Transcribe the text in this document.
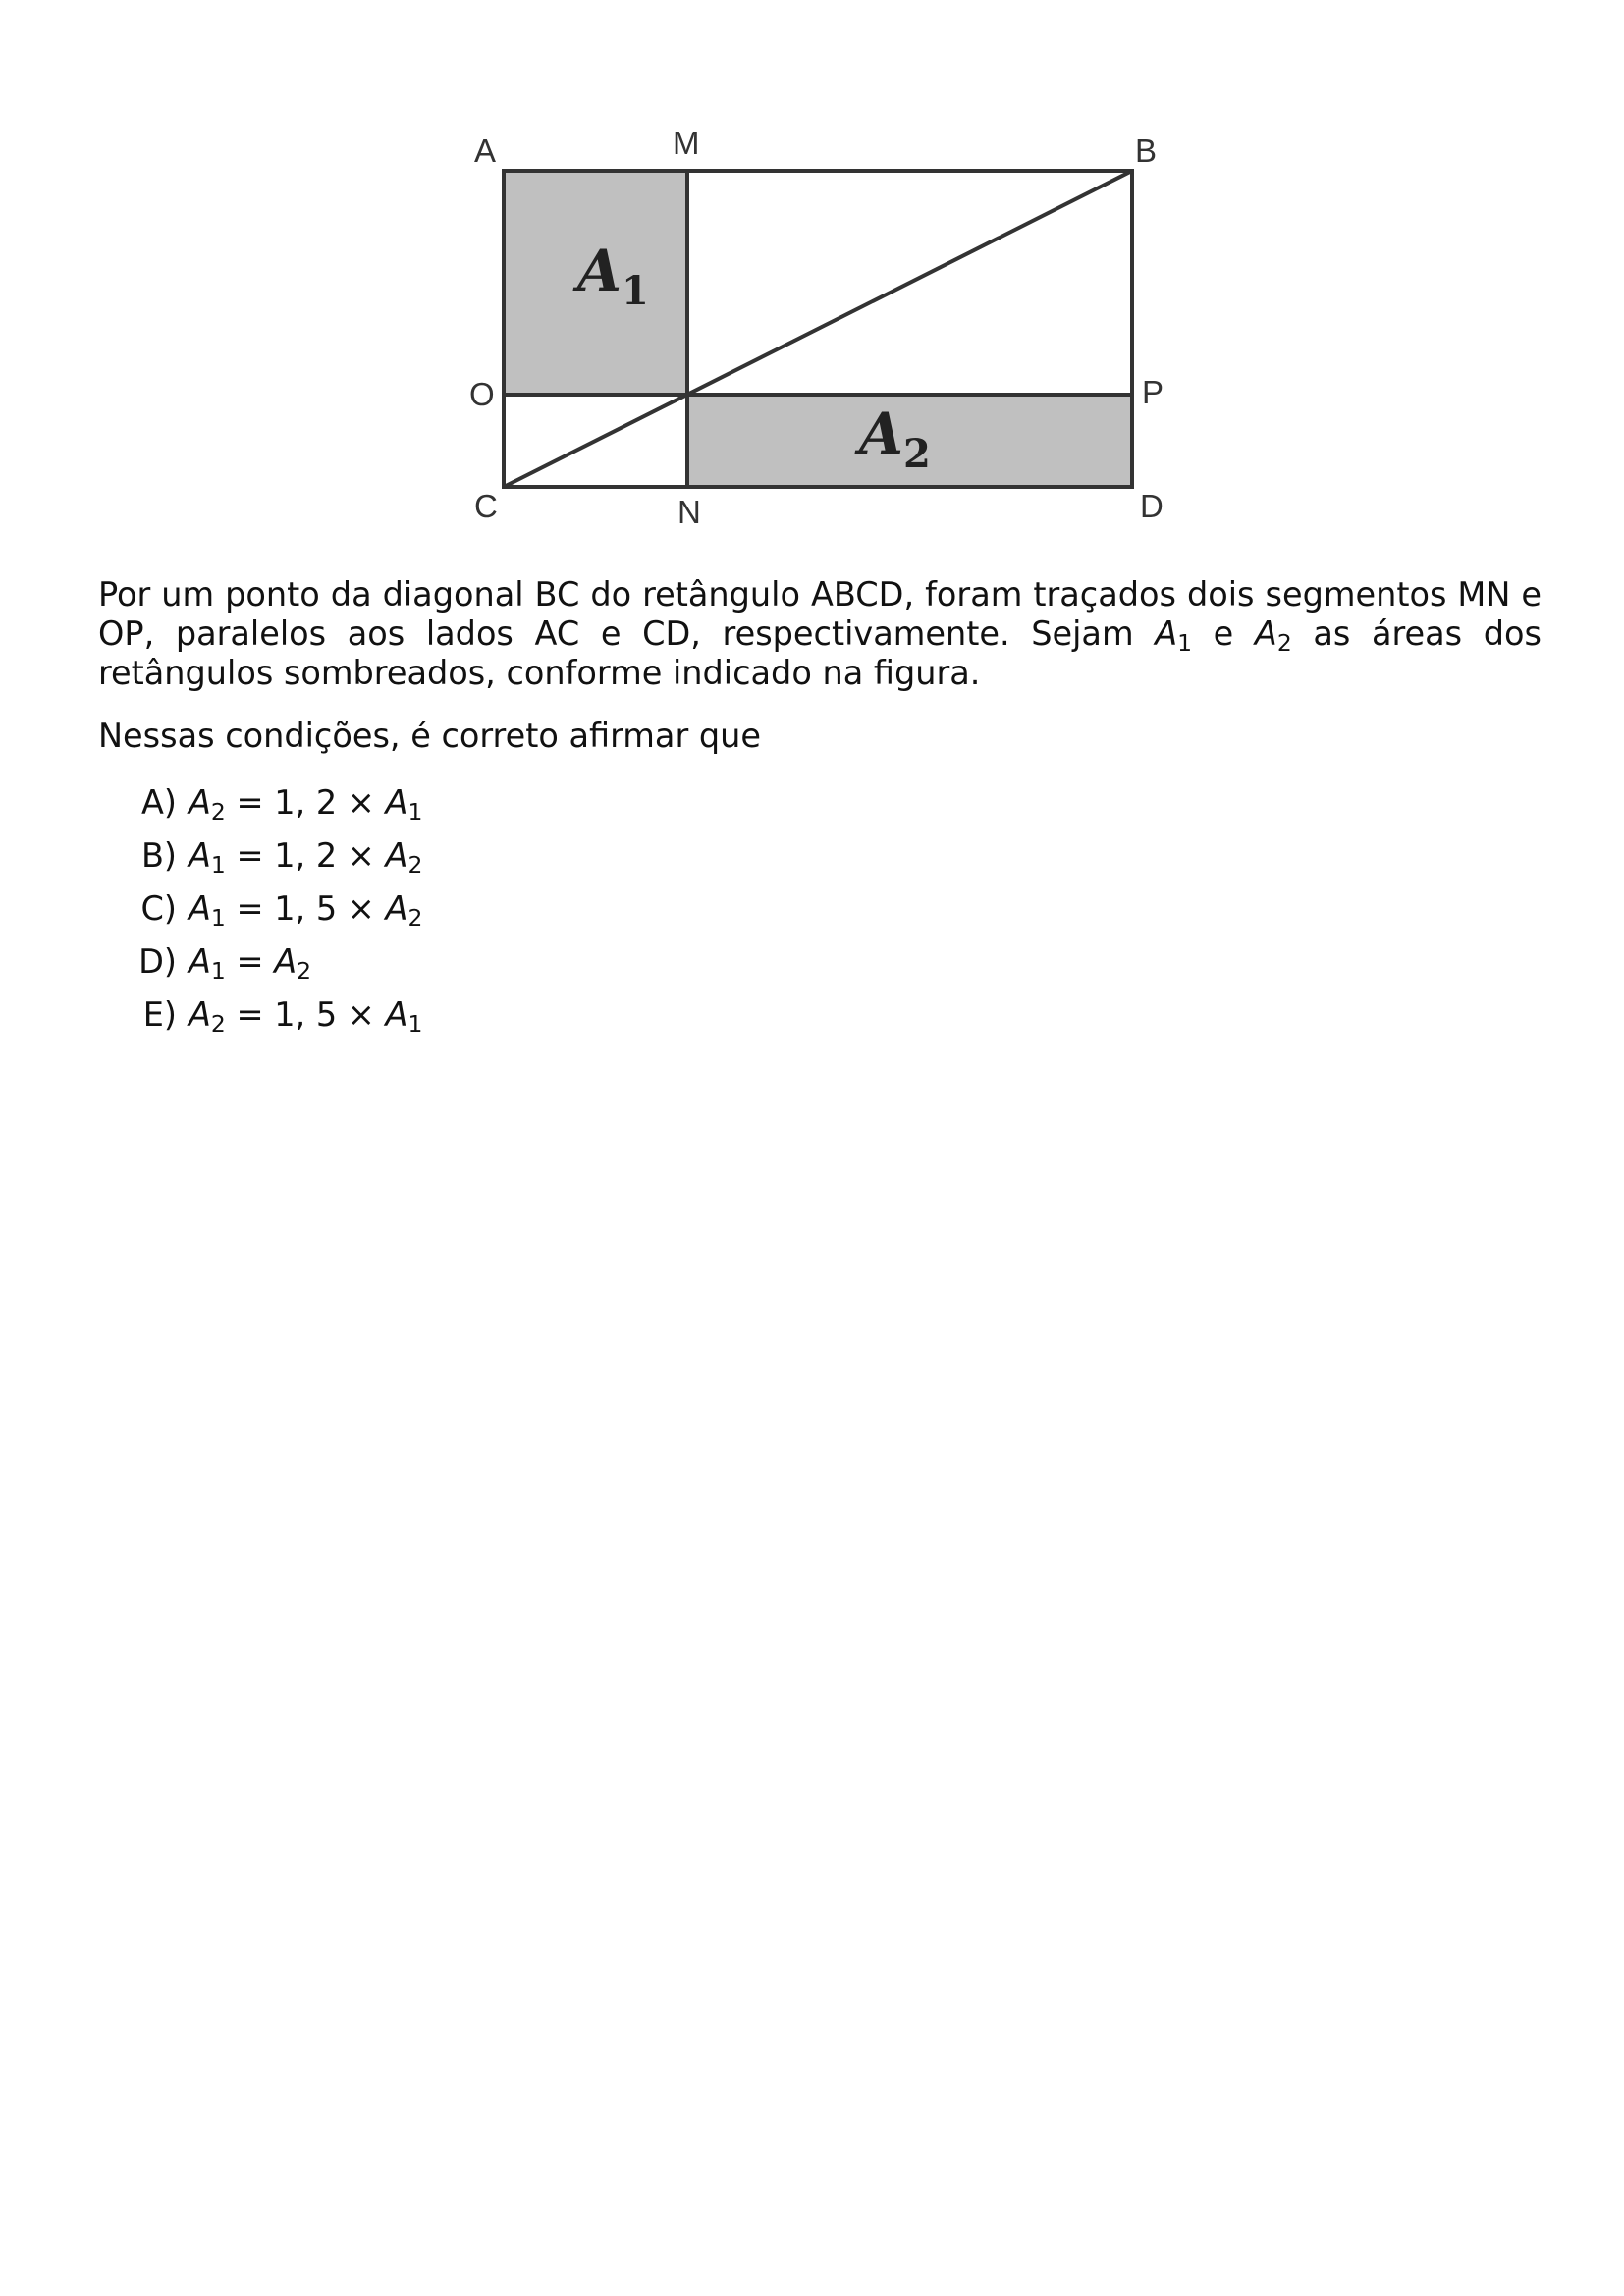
A	M	B
O	P
C	N	D
A1
A2

Por um ponto da diagonal BC do retângulo ABCD, foram traçados dois segmentos MN e OP, paralelos aos lados AC e CD, respectivamente. Sejam $A_1$ e $A_2$ as áreas dos retângulos sombreados, conforme indicado na figura.

Nessas condições, é correto afirmar que

A) $A_2 = 1$, $2 \times A_1$
B) $A_1 = 1$, $2 \times A_2$
C) $A_1 = 1$, $5 \times A_2$
D) $A_1 = A_2$
E) $A_2 = 1$, $5 \times A_1$
